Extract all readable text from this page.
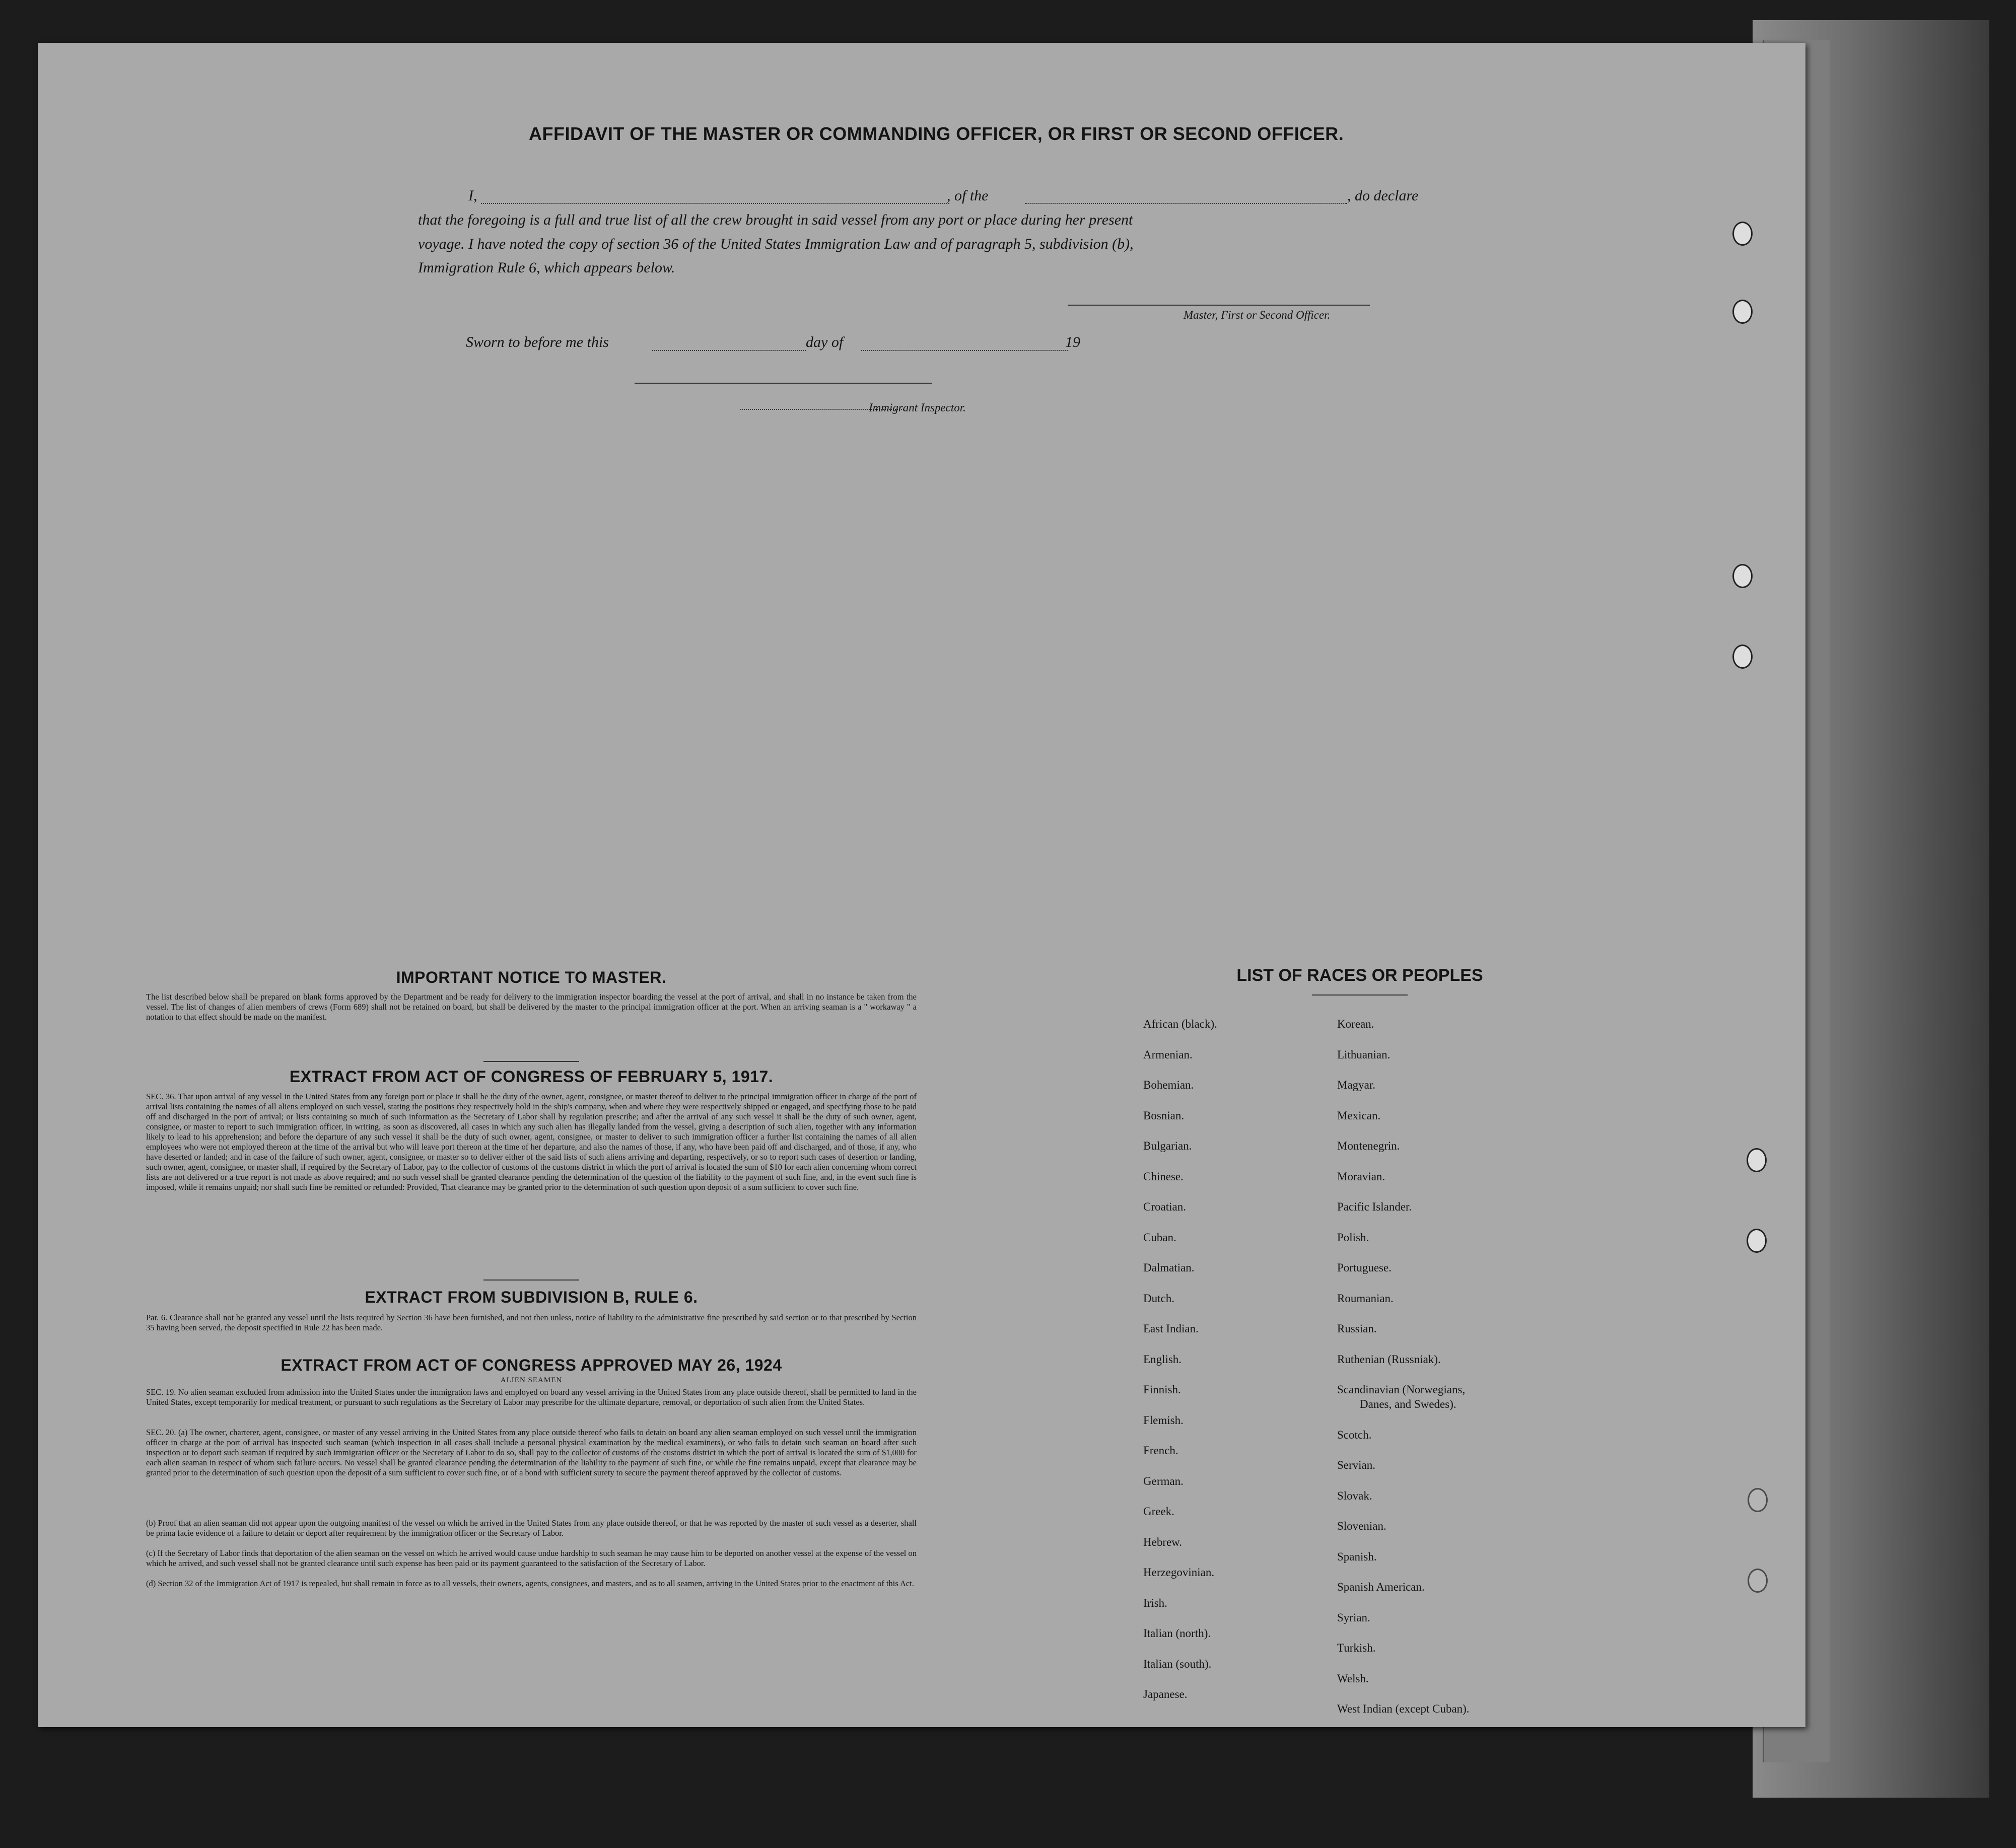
AFFIDAVIT OF THE MASTER OR COMMANDING OFFICER, OR FIRST OR SECOND OFFICER.
I,	, of the	, do declare
that the foregoing is a full and true list of all the crew brought in said vessel from any port or place during her present
voyage. I have noted the copy of section 36 of the United States Immigration Law and of paragraph 5, subdivision (b),
Immigration Rule 6, which appears below.
Master, First or Second Officer.
Sworn to before me this	day of	19
Immigrant Inspector.
IMPORTANT NOTICE TO MASTER.

The list described below shall be prepared on blank forms approved by the Department and be ready for delivery to the immigration inspector boarding the vessel at the port of arrival, and shall in no instance be taken from the vessel. The list of changes of alien members of crews (Form 689) shall not be retained on board, but shall be delivered by the master to the principal immigration officer at the port. When an arriving seaman is a " workaway " a notation to that effect should be made on the manifest.

EXTRACT FROM ACT OF CONGRESS OF FEBRUARY 5, 1917.

SEC. 36. That upon arrival of any vessel in the United States from any foreign port or place it shall be the duty of the owner, agent, consignee, or master thereof to deliver to the principal immigration officer in charge of the port of arrival lists containing the names of all aliens employed on such vessel, stating the positions they respectively hold in the ship's company, when and where they were respectively shipped or engaged, and specifying those to be paid off and discharged in the port of arrival; or lists containing so much of such information as the Secretary of Labor shall by regulation prescribe; and after the arrival of any such vessel it shall be the duty of such owner, agent, consignee, or master to report to such immigration officer, in writing, as soon as discovered, all cases in which any such alien has illegally landed from the vessel, giving a description of such alien, together with any information likely to lead to his apprehension; and before the departure of any such vessel it shall be the duty of such owner, agent, consignee, or master to deliver to such immigration officer a further list containing the names of all alien employees who were not employed thereon at the time of the arrival but who will leave port thereon at the time of her departure, and also the names of those, if any, who have been paid off and discharged, and of those, if any, who have deserted or landed; and in case of the failure of such owner, agent, consignee, or master so to deliver either of the said lists of such aliens arriving and departing, respectively, or so to report such cases of desertion or landing, such owner, agent, consignee, or master shall, if required by the Secretary of Labor, pay to the collector of customs of the customs district in which the port of arrival is located the sum of $10 for each alien concerning whom correct lists are not delivered or a true report is not made as above required; and no such vessel shall be granted clearance pending the determination of the question of the liability to the payment of such fine, and, in the event such fine is imposed, while it remains unpaid; nor shall such fine be remitted or refunded: Provided, That clearance may be granted prior to the determination of such question upon deposit of a sum sufficient to cover such fine.

EXTRACT FROM SUBDIVISION B, RULE 6.

Par. 6. Clearance shall not be granted any vessel until the lists required by Section 36 have been furnished, and not then unless, notice of liability to the administrative fine prescribed by said section or to that prescribed by Section 35 having been served, the deposit specified in Rule 22 has been made.

EXTRACT FROM ACT OF CONGRESS APPROVED MAY 26, 1924
ALIEN SEAMEN

SEC. 19. No alien seaman excluded from admission into the United States under the immigration laws and employed on board any vessel arriving in the United States from any place outside thereof, shall be permitted to land in the United States, except temporarily for medical treatment, or pursuant to such regulations as the Secretary of Labor may prescribe for the ultimate departure, removal, or deportation of such alien from the United States.

SEC. 20. (a) The owner, charterer, agent, consignee, or master of any vessel arriving in the United States from any place outside thereof who fails to detain on board any alien seaman employed on such vessel until the immigration officer in charge at the port of arrival has inspected such seaman (which inspection in all cases shall include a personal physical examination by the medical examiners), or who fails to detain such seaman on board after such inspection or to deport such seaman if required by such immigration officer or the Secretary of Labor to do so, shall pay to the collector of customs of the customs district in which the port of arrival is located the sum of $1,000 for each alien seaman in respect of whom such failure occurs. No vessel shall be granted clearance pending the determination of the liability to the payment of such fine, or while the fine remains unpaid, except that clearance may be granted prior to the determination of such question upon the deposit of a sum sufficient to cover such fine, or of a bond with sufficient surety to secure the payment thereof approved by the collector of customs.

(b) Proof that an alien seaman did not appear upon the outgoing manifest of the vessel on which he arrived in the United States from any place outside thereof, or that he was reported by the master of such vessel as a deserter, shall be prima facie evidence of a failure to detain or deport after requirement by the immigration officer or the Secretary of Labor.

(c) If the Secretary of Labor finds that deportation of the alien seaman on the vessel on which he arrived would cause undue hardship to such seaman he may cause him to be deported on another vessel at the expense of the vessel on which he arrived, and such vessel shall not be granted clearance until such expense has been paid or its payment guaranteed to the satisfaction of the Secretary of Labor.

(d) Section 32 of the Immigration Act of 1917 is repealed, but shall remain in force as to all vessels, their owners, agents, consignees, and masters, and as to all seamen, arriving in the United States prior to the enactment of this Act.

LIST OF RACES OR PEOPLES
African (black).
Armenian.
Bohemian.
Bosnian.
Bulgarian.
Chinese.
Croatian.
Cuban.
Dalmatian.
Dutch.
East Indian.
English.
Finnish.
Flemish.
French.
German.
Greek.
Hebrew.
Herzegovinian.
Irish.
Italian (north).
Italian (south).
Japanese.
Korean.
Lithuanian.
Magyar.
Mexican.
Montenegrin.
Moravian.
Pacific Islander.
Polish.
Portuguese.
Roumanian.
Russian.
Ruthenian (Russniak).
Scandinavian (Norwegians,
Danes, and Swedes).
Scotch.
Servian.
Slovak.
Slovenian.
Spanish.
Spanish American.
Syrian.
Turkish.
Welsh.
West Indian (except Cuban).
